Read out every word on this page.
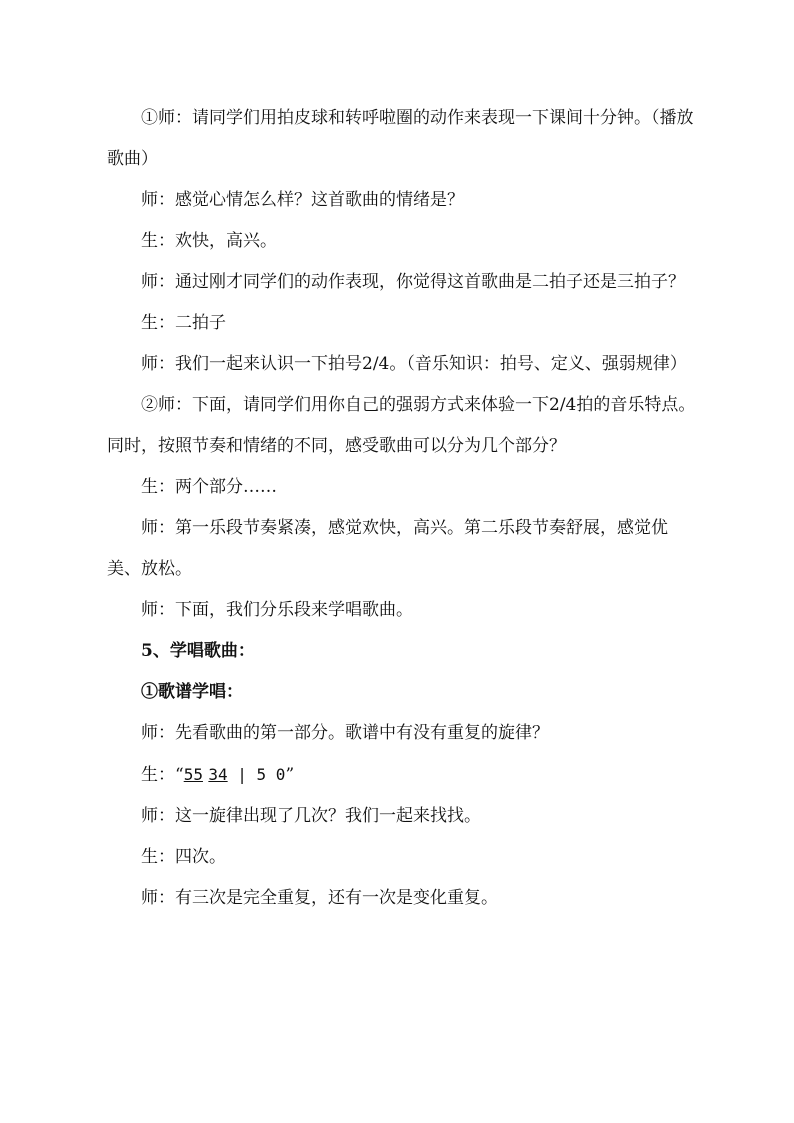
①师：请同学们用拍皮球和转呼啦圈的动作来表现一下课间十分钟。（播放歌曲）

师：感觉心情怎么样？这首歌曲的情绪是？

生：欢快，高兴。

师：通过刚才同学们的动作表现，你觉得这首歌曲是二拍子还是三拍子？

生：二拍子

师：我们一起来认识一下拍号2/4。（音乐知识：拍号、定义、强弱规律）

②师：下面，请同学们用你自己的强弱方式来体验一下2/4拍的音乐特点。同时，按照节奏和情绪的不同，感受歌曲可以分为几个部分？

生：两个部分……

师：第一乐段节奏紧凑，感觉欢快，高兴。第二乐段节奏舒展，感觉优美、放松。

师：下面，我们分乐段来学唱歌曲。

5、学唱歌曲：

①歌谱学唱：

师：先看歌曲的第一部分。歌谱中有没有重复的旋律？

生：“55 34 | 5 0”

师：这一旋律出现了几次？我们一起来找找。

生：四次。

师：有三次是完全重复，还有一次是变化重复。
